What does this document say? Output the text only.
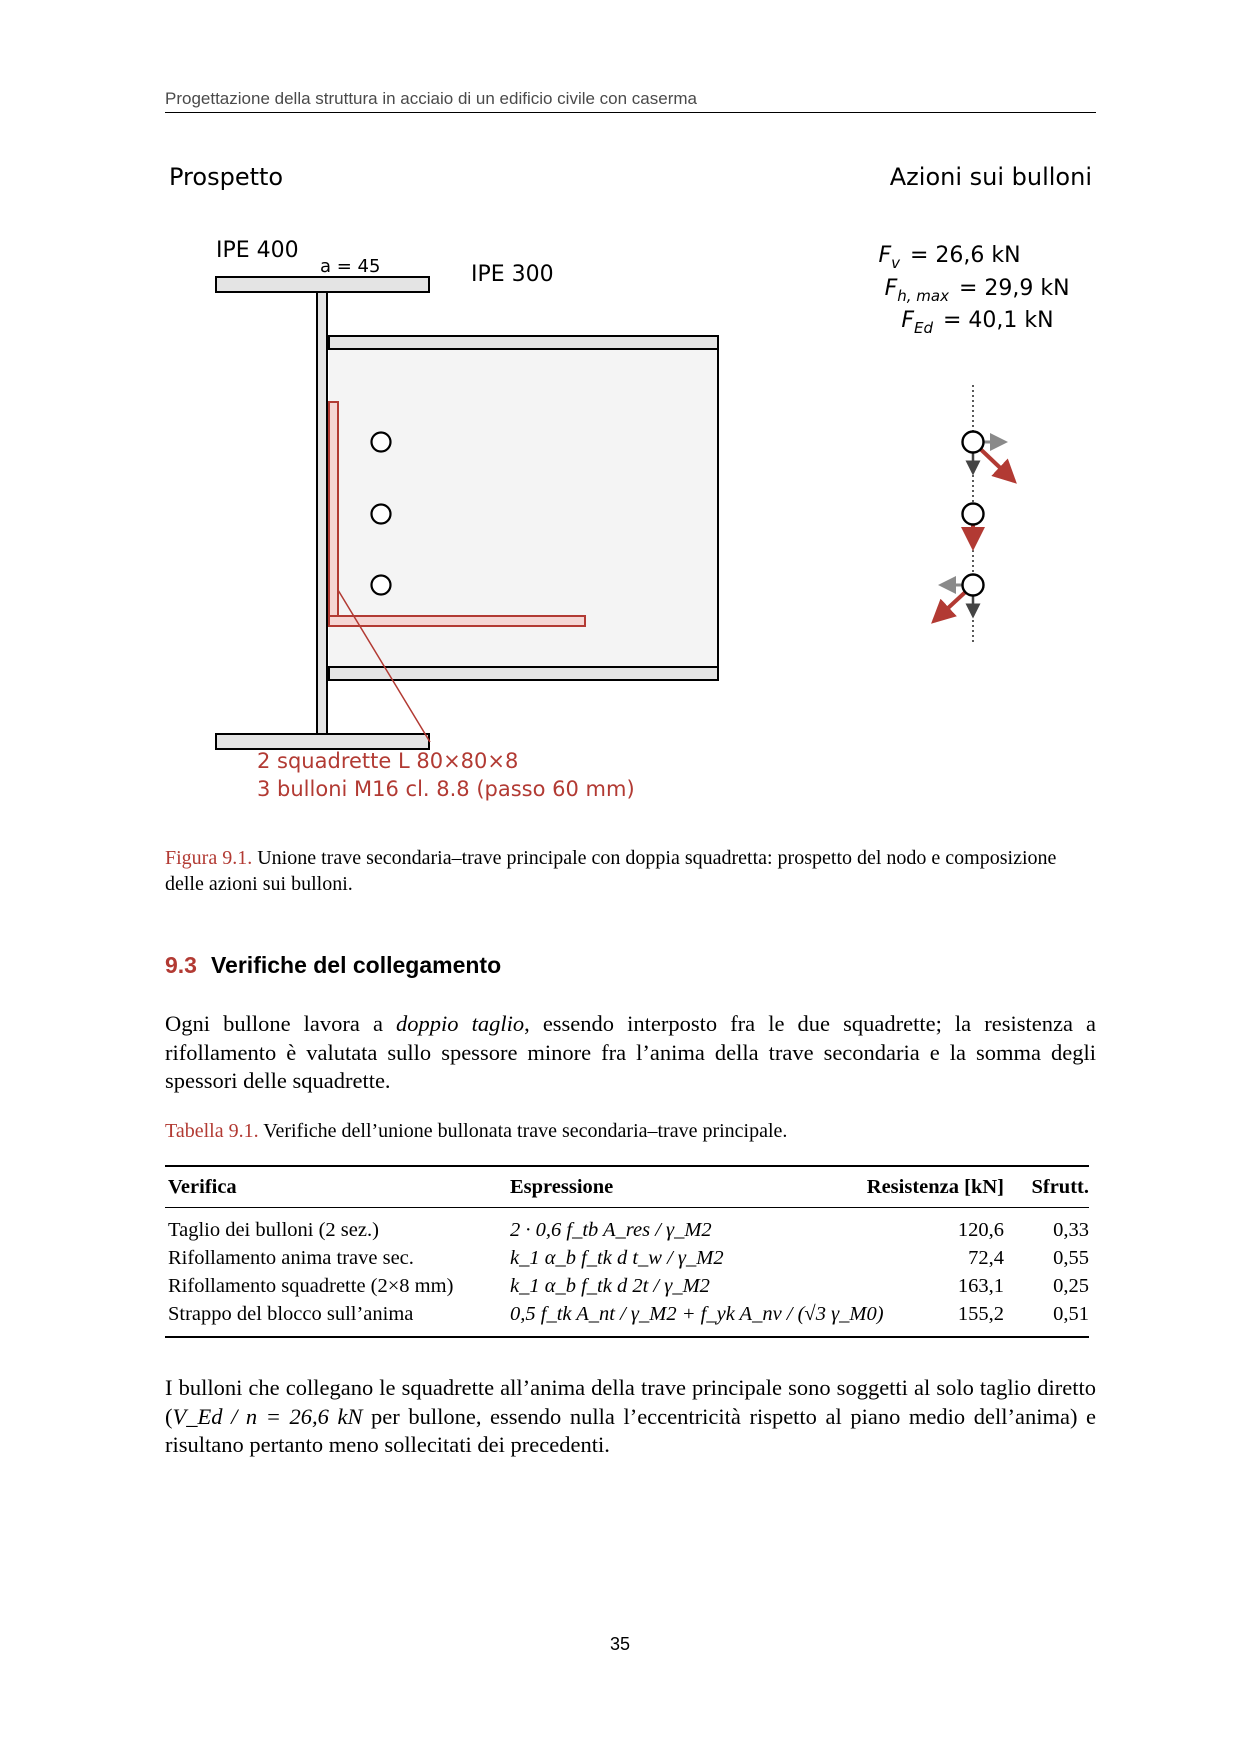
Progettazione della struttura in acciaio di un edificio civile con caserma
Prospetto	Azioni sui bulloni
IPE 400
IPE 300
a = 45
2 squadrette L 80×80×8
3 bulloni M16 cl. 8.8 (passo 60 mm)
$F_v = 26,6$ kN
$F_{h, max} = 29,9$ kN
$F_{Ed} = 40,1$ kN
Figura 9.1. Unione trave secondaria–trave principale con doppia squadretta: prospetto del nodo e composizione delle azioni sui bulloni.
9.3 Verifiche del collegamento
Ogni bullone lavora a doppio taglio, essendo interposto fra le due squadrette; la resistenza a rifollamento è valutata sullo spessore minore fra l’anima della trave secondaria e la somma degli spessori delle squadrette.
Tabella 9.1. Verifiche dell’unione bullonata trave secondaria–trave principale.
Verifica	Espressione	Resistenza [kN] Sfrutt.
Taglio dei bulloni (2 sez.)	2 · 0,6 f_tb A_res / γ_M2	120,6 0,33
Rifollamento anima trave sec.	k_1 α_b f_tk d t_w / γ_M2	72,4 0,55
Rifollamento squadrette (2×8 mm)	k_1 α_b f_tk d 2t / γ_M2	163,1 0,25
Strappo del blocco sull’anima	0,5 f_tk A_nt / γ_M2 + f_yk A_nv / (√3 γ_M0)	155,2 0,51
I bulloni che collegano le squadrette all’anima della trave principale sono soggetti al solo taglio diretto (V_Ed / n = 26,6 kN per bullone, essendo nulla l’eccentricità rispetto al piano medio dell’anima) e risultano pertanto meno sollecitati dei precedenti.
35
